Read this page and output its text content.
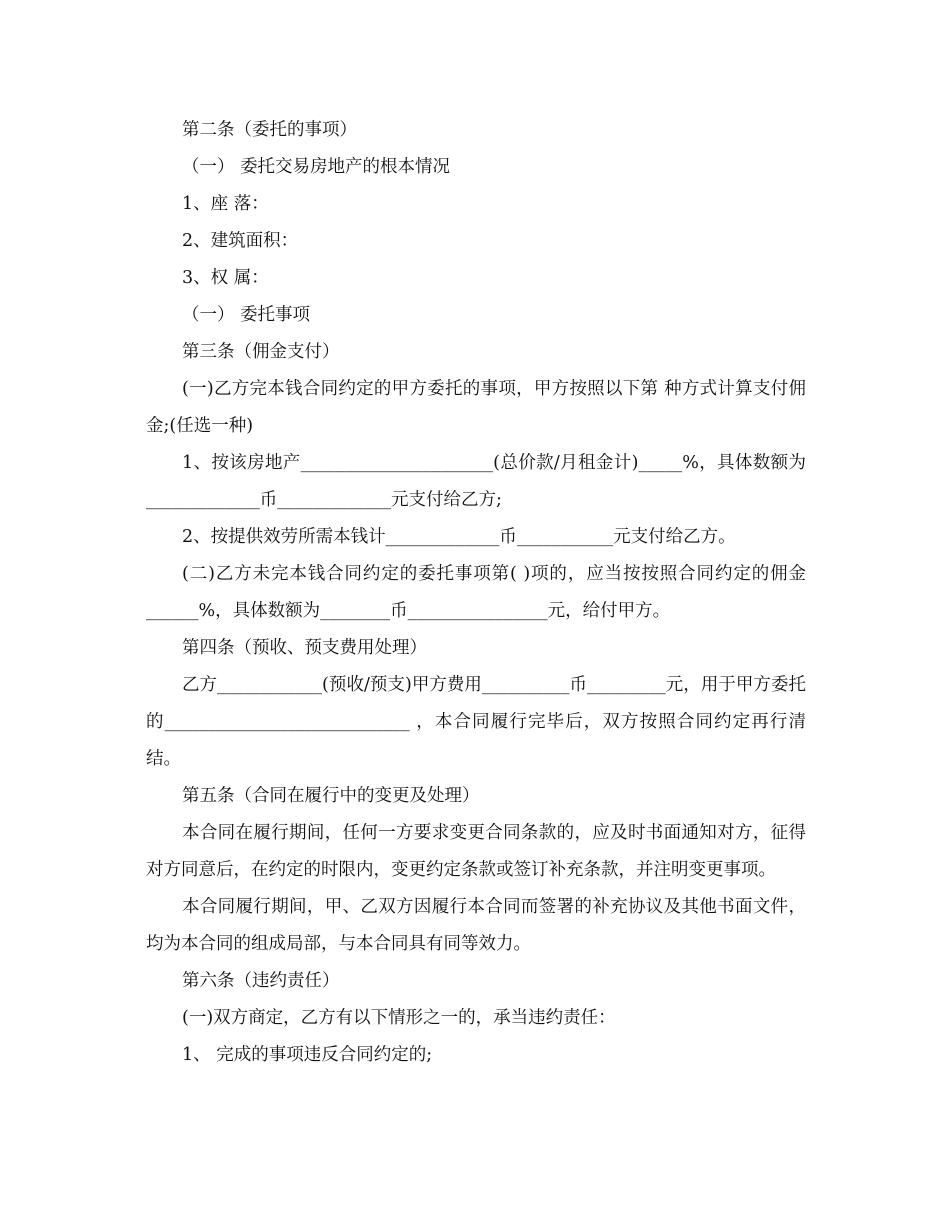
第二条（委托的事项）

（一） 委托交易房地产的根本情况

1、座 落：

2、建筑面积：

3、权 属：

（一） 委托事项

第三条（佣金支付）

(一)乙方完本钱合同约定的甲方委托的事项，甲方按照以下第 种方式计算支付佣金;(任选一种)

1、按该房地产______________________(总价款/月租金计)_____%，具体数额为_____________币_____________元支付给乙方;

2、按提供效劳所需本钱计_____________币___________元支付给乙方。

(二)乙方未完本钱合同约定的委托事项第( )项的，应当按按照合同约定的佣金______%，具体数额为________币________________元，给付甲方。

第四条（预收、预支费用处理）

乙方____________(预收/预支)甲方费用__________币_________元，用于甲方委托的____________________________ ，本合同履行完毕后，双方按照合同约定再行清结。

第五条（合同在履行中的变更及处理）

本合同在履行期间，任何一方要求变更合同条款的，应及时书面通知对方，征得对方同意后，在约定的时限内，变更约定条款或签订补充条款，并注明变更事项。

本合同履行期间，甲、乙双方因履行本合同而签署的补充协议及其他书面文件，均为本合同的组成局部，与本合同具有同等效力。

第六条（违约责任）

(一)双方商定，乙方有以下情形之一的，承当违约责任：

1、 完成的事项违反合同约定的;
